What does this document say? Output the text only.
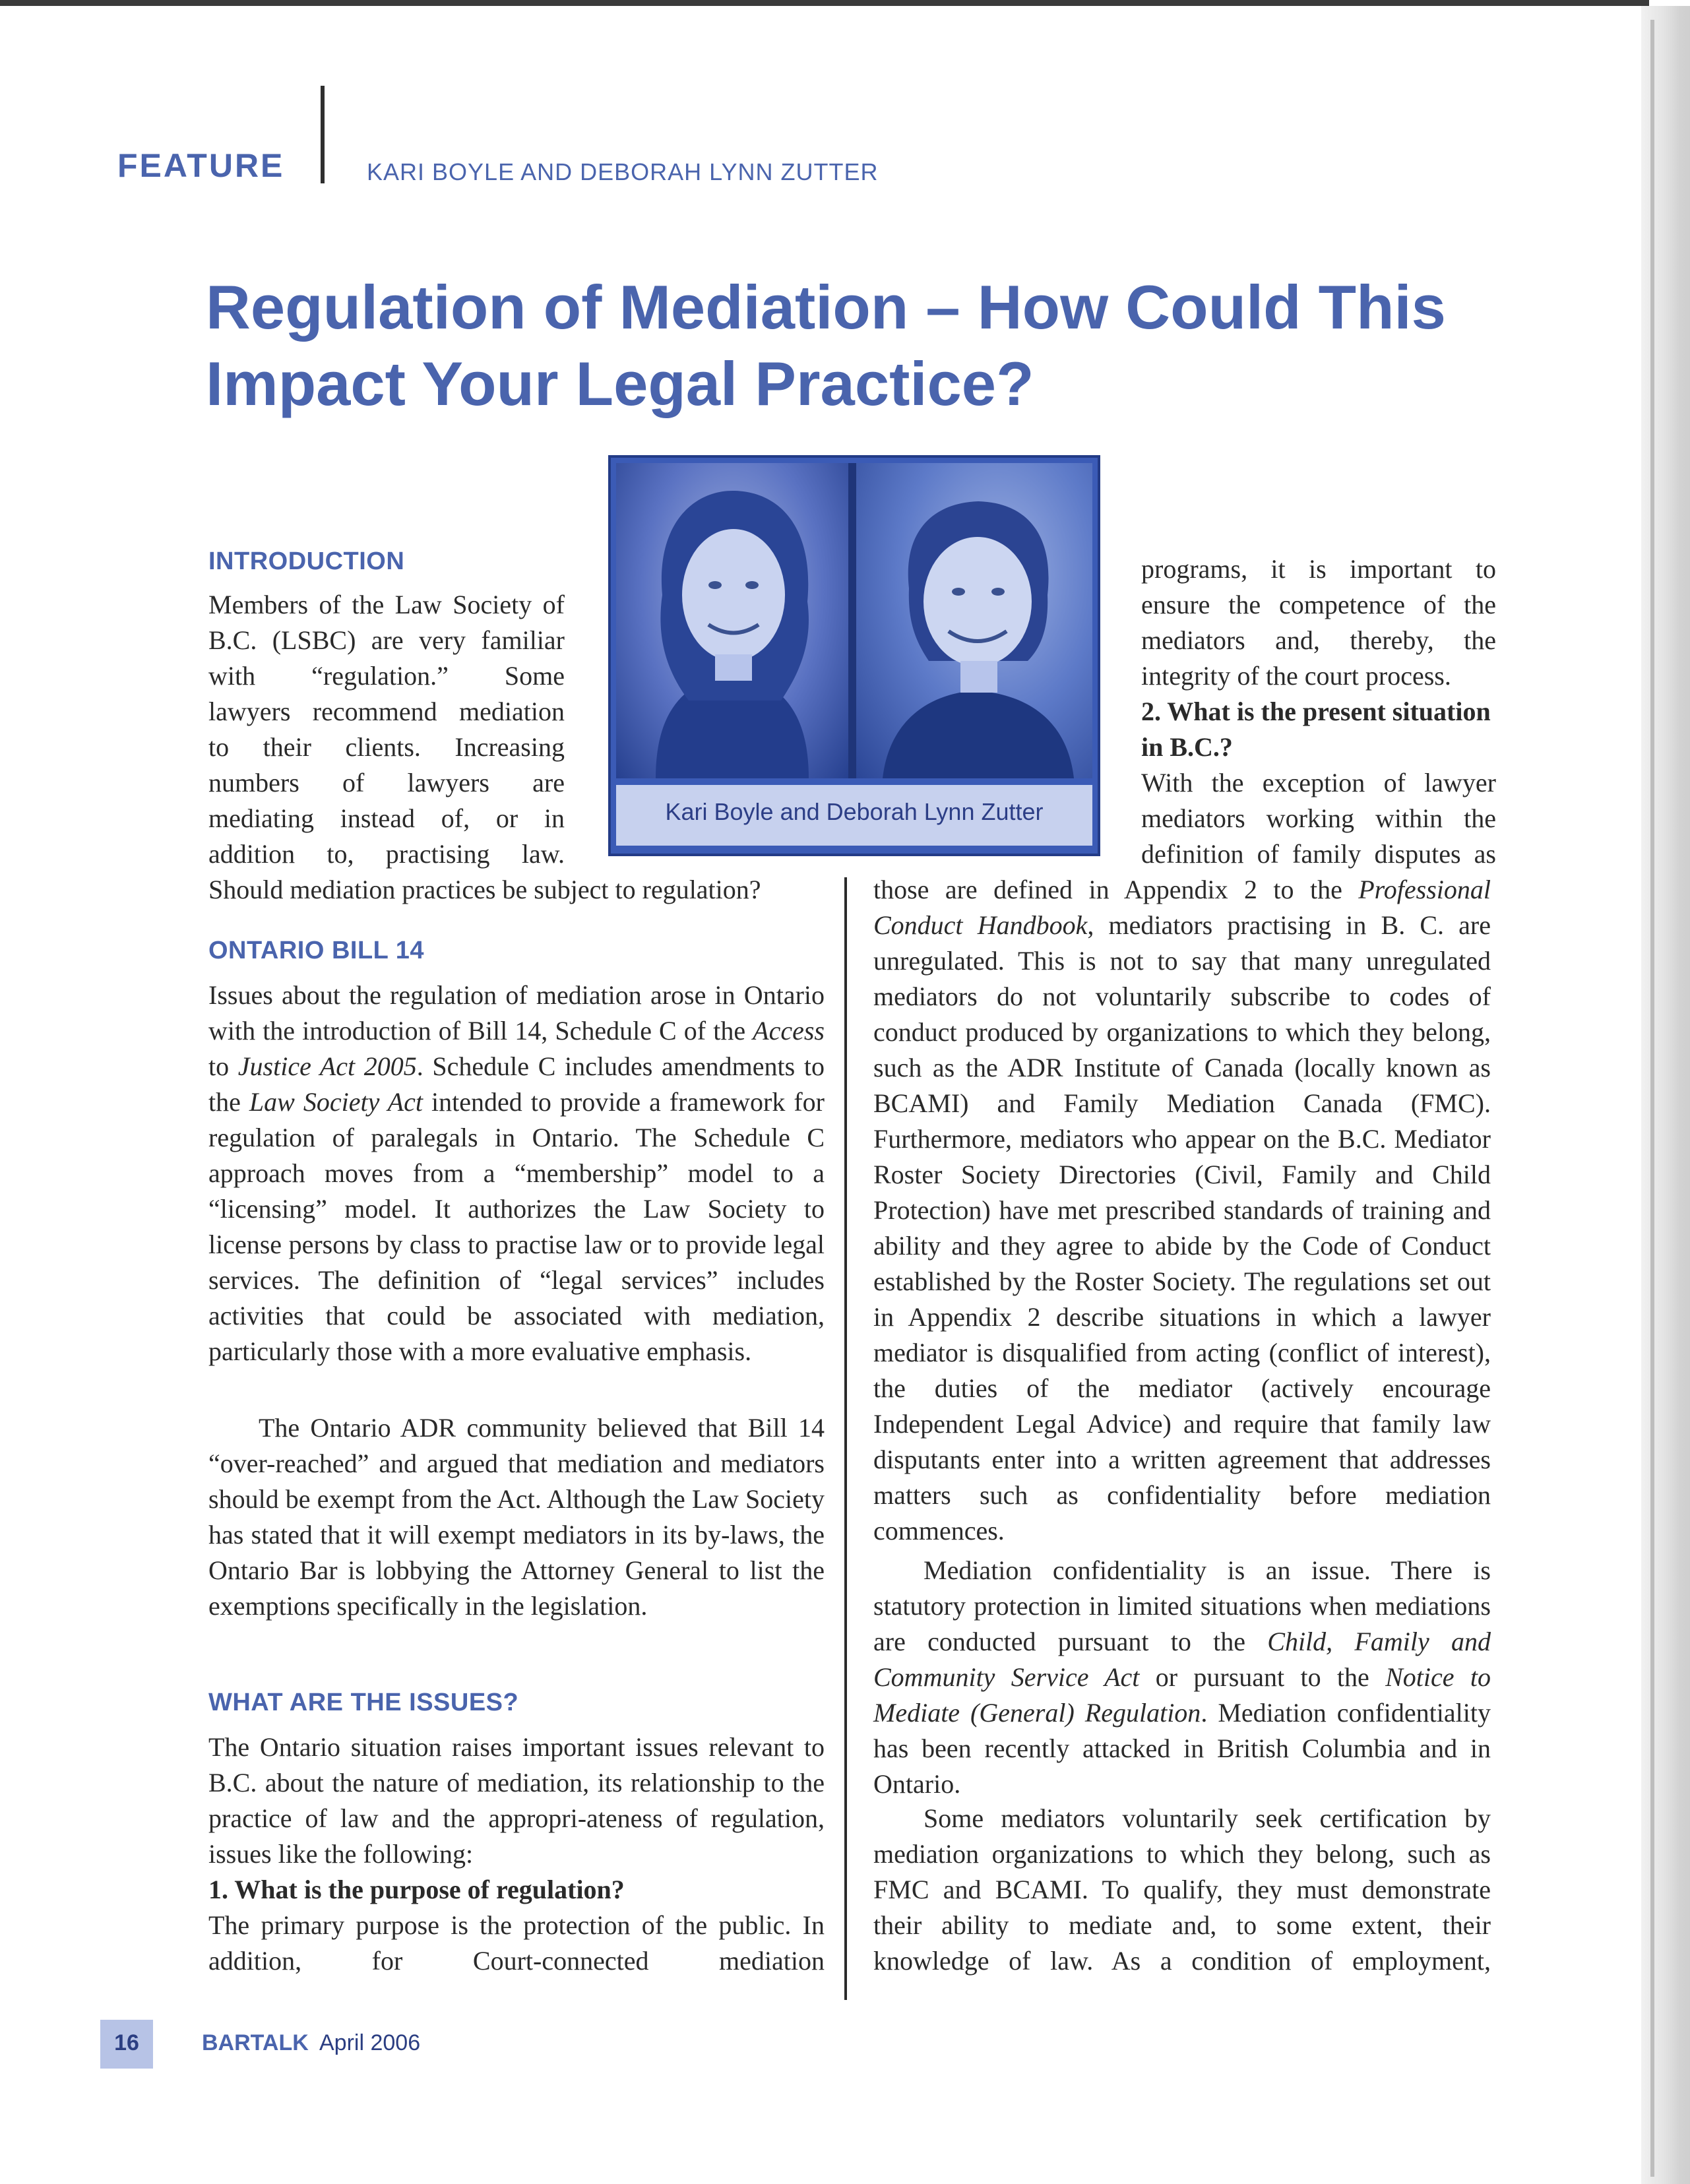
FEATURE	KARI BOYLE AND DEBORAH LYNN ZUTTER
Regulation of Mediation – How Could This
Impact Your Legal Practice?
Kari Boyle and Deborah Lynn Zutter
INTRODUCTION
Members of the Law Society of
B.C. (LSBC) are very familiar
with “regulation.” Some
lawyers recommend mediation
to their clients. Increasing
numbers of lawyers are
mediating instead of, or in
addition to, practising law.
Should mediation practices be subject to regulation?
ONTARIO BILL 14

Issues about the regulation of mediation arose in Ontario with the introduction of Bill 14, Schedule C of the Access to Justice Act 2005. Schedule C includes amendments to the Law Society Act intended to provide a framework for regulation of paralegals in Ontario. The Schedule C approach moves from a “membership” model to a “licensing” model. It authorizes the Law Society to license persons by class to practise law or to provide legal services. The definition of “legal services” includes activities that could be associated with mediation, particularly those with a more evaluative emphasis.

The Ontario ADR community believed that Bill 14 “over-reached” and argued that mediation and mediators should be exempt from the Act. Although the Law Society has stated that it will exempt mediators in its by-laws, the Ontario Bar is lobbying the Attorney General to list the exemptions specifically in the legislation.

WHAT ARE THE ISSUES?

The Ontario situation raises important issues relevant to B.C. about the nature of mediation, its relationship to the practice of law and the appropri-ateness of regulation, issues like the following:

1. What is the purpose of regulation?

The primary purpose is the protection of the public. In addition, for Court-connected mediation

programs, it is important to
ensure the competence of the
mediators and, thereby, the
integrity of the court process.
2. What is the present situation
in B.C.?
With the exception of lawyer
mediators working within the
definition of family disputes as

those are defined in Appendix 2 to the Professional Conduct Handbook, mediators practising in B. C. are unregulated. This is not to say that many unregulated mediators do not voluntarily subscribe to codes of conduct produced by organizations to which they belong, such as the ADR Institute of Canada (locally known as BCAMI) and Family Mediation Canada (FMC). Furthermore, mediators who appear on the B.C. Mediator Roster Society Directories (Civil, Family and Child Protection) have met prescribed standards of training and ability and they agree to abide by the Code of Conduct established by the Roster Society. The regulations set out in Appendix 2 describe situations in which a lawyer mediator is disqualified from acting (conflict of interest), the duties of the mediator (actively encourage Independent Legal Advice) and require that family law disputants enter into a written agreement that addresses matters such as confidentiality before mediation commences.

Mediation confidentiality is an issue. There is statutory protection in limited situations when mediations are conducted pursuant to the Child, Family and Community Service Act or pursuant to the Notice to Mediate (General) Regulation. Mediation confidentiality has been recently attacked in British Columbia and in Ontario.

Some mediators voluntarily seek certification by mediation organizations to which they belong, such as FMC and BCAMI. To qualify, they must demonstrate their ability to mediate and, to some extent, their knowledge of law. As a condition of employment,

16	BARTALK April 2006
